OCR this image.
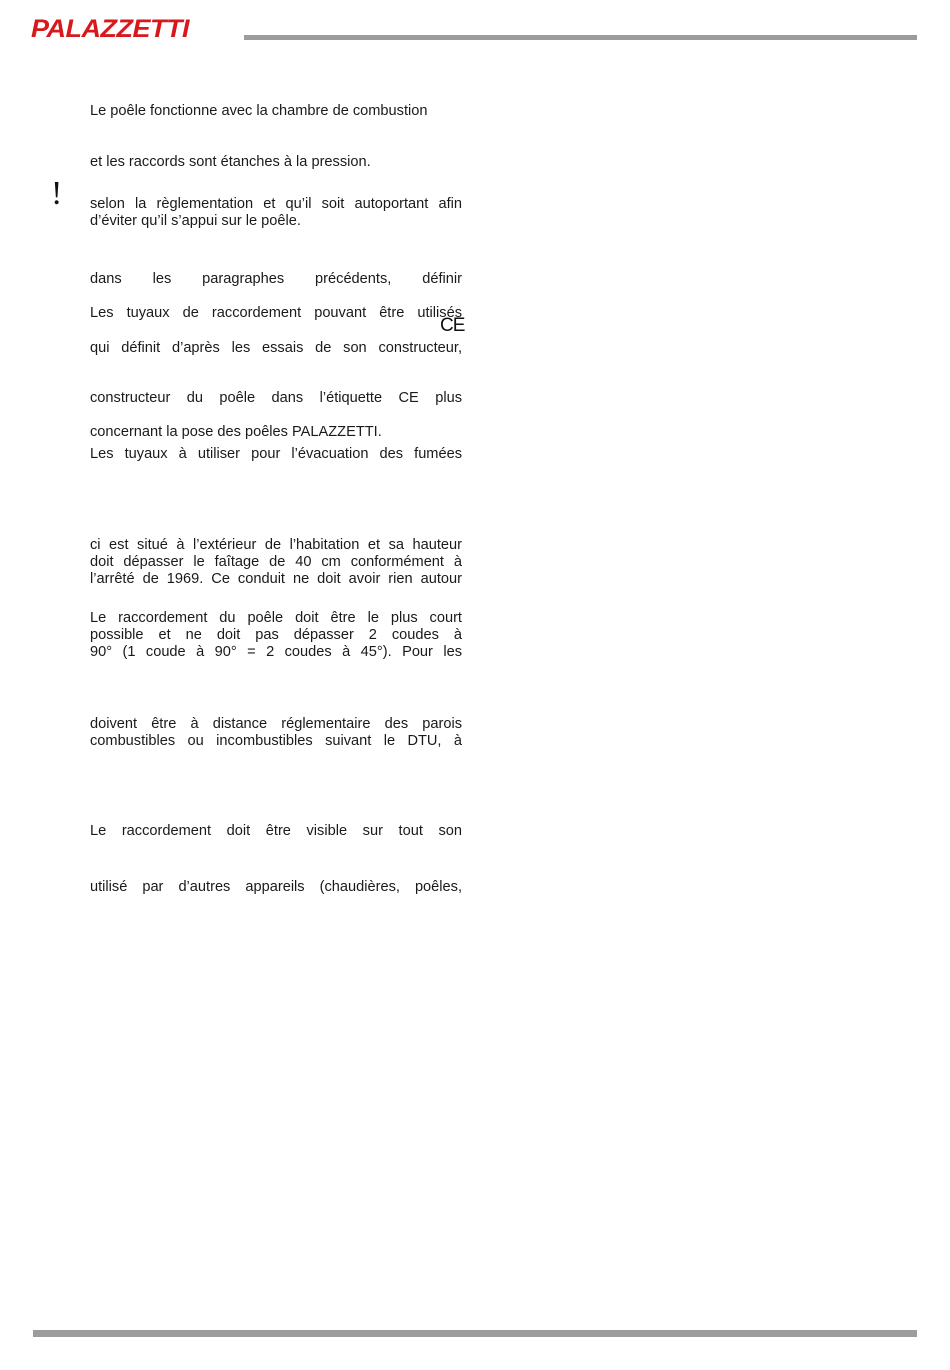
PALAZZETTI
!
CE

Le poêle fonctionne avec la chambre de combustion

et les raccords sont étanches à la pression.

selon la règlementation et qu’il soit autoportant afin
d’éviter qu’il s’appui sur le poêle.

dans les paragraphes précédents, définir

Les tuyaux de raccordement pouvant être utilisés

qui définit d’après les essais de son constructeur,

constructeur du poêle dans l’étiquette CE plus

concernant la pose des poêles PALAZZETTI.
Les tuyaux à utiliser pour l’évacuation des fumées

ci est situé à l’extérieur de l’habitation et sa hauteur
doit dépasser le faîtage de 40 cm conformément à
l’arrêté de 1969. Ce conduit ne doit avoir rien autour

Le raccordement du poêle doit être le plus court
possible et ne doit pas dépasser 2 coudes à
90° (1 coude à 90° = 2 coudes à 45°). Pour les

doivent être à distance réglementaire des parois
combustibles ou incombustibles suivant le DTU, à

Le raccordement doit être visible sur tout son

utilisé par d’autres appareils (chaudières, poêles,
